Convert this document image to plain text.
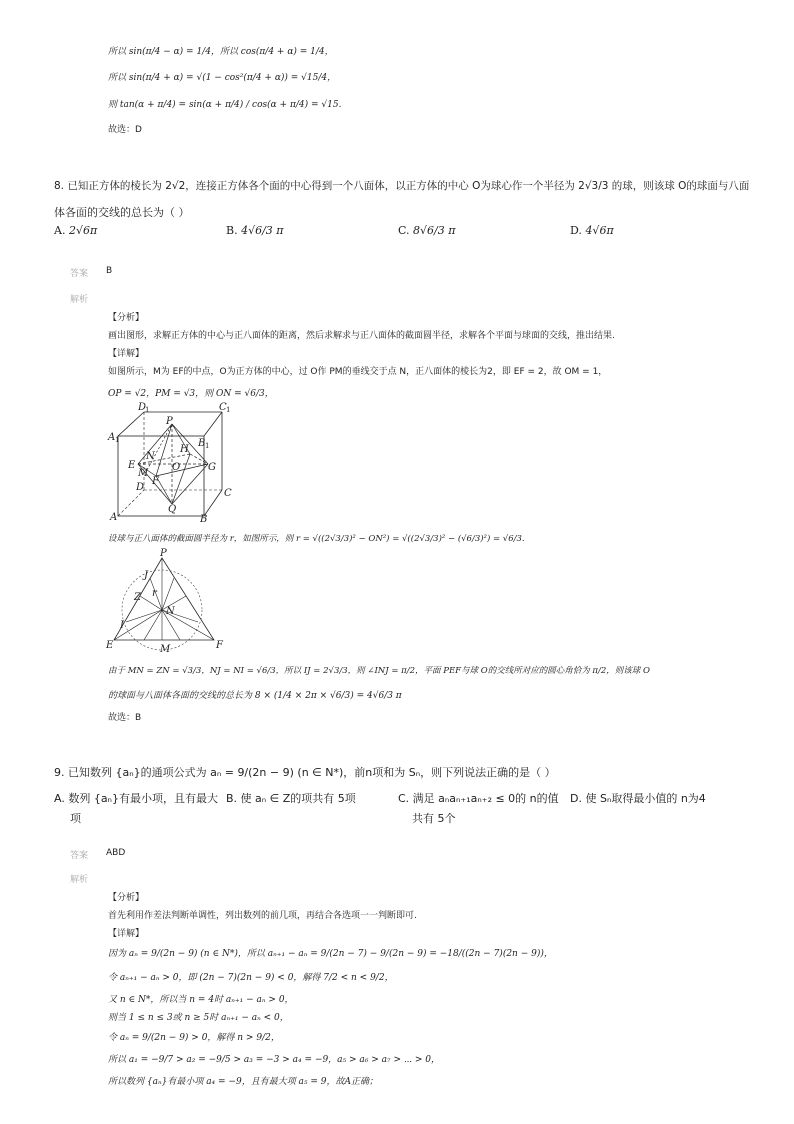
所以 sin(π/4 − α) = 1/4，所以 cos(π/4 + α) = 1/4，
所以 sin(π/4 + α) = √(1 − cos²(π/4 + α)) = √15/4，
则 tan(α + π/4) = sin(α + π/4) / cos(α + π/4) = √15.
故选：D
8. 已知正方体的棱长为 2√2，连接正方体各个面的中心得到一个八面体，以正方体的中心 O为球心作一个半径为 2√3/3 的球，则该球 O的球面与八面
体各面的交线的总长为（ ）
A. 2√6π	B. 4√6/3 π	C. 8√6/3 π	D. 4√6π
答案 B
解析
【分析】
画出图形，求解正方体的中心与正八面体的距离，然后求解求与正八面体的截面圆半径，求解各个平面与球面的交线，推出结果.
【详解】
如图所示，M为 EF的中点，O为正方体的中心，过 O作 PM的垂线交于点 N，正八面体的棱长为2，即 EF = 2，故 OM = 1，
OP = √2，PM = √3，则 ON = √6/3，
D
1	C 1
A 1	B 1
P
H
N
E
M
O	G
F
D
C
Q
A	B
设球与正八面体的截面圆半径为 r，如图所示，则 r = √((2√3/3)² − ON²) = √((2√3/3)² − (√6/3)²) = √6/3.
P
J
Z r
N
I
E	M	F
由于 MN = ZN = √3/3，NJ = NI = √6/3，所以 IJ = 2√3/3，则 ∠INJ = π/2，平面 PEF与球 O的交线所对应的圆心角恰为 π/2，则该球 O
的球面与八面体各面的交线的总长为 8 × (1/4 × 2π × √6/3) = 4√6/3 π
故选：B
9. 已知数列 {aₙ}的通项公式为 aₙ = 9/(2n − 9) (n ∈ N*)，前n项和为 Sₙ，则下列说法正确的是（ ）
A. 数列 {aₙ}有最小项，且有最大
项
B. 使 aₙ ∈ Z的项共有 5项	C. 满足 aₙaₙ₊₁aₙ₊₂ ≤ 0的 n的值
共有 5个
D. 使 Sₙ取得最小值的 n为4
答案 ABD
解析
【分析】
首先利用作差法判断单调性，列出数列的前几项，再结合各选项一一判断即可.
【详解】
因为 aₙ = 9/(2n − 9) (n ∈ N*)，所以 aₙ₊₁ − aₙ = 9/(2n − 7) − 9/(2n − 9) = −18/((2n − 7)(2n − 9))，
令 aₙ₊₁ − aₙ > 0，即 (2n − 7)(2n − 9) < 0，解得 7/2 < n < 9/2，
又 n ∈ N*，所以当 n = 4时 aₙ₊₁ − aₙ > 0，
则当 1 ≤ n ≤ 3或 n ≥ 5时 aₙ₊₁ − aₙ < 0，
令 aₙ = 9/(2n − 9) > 0，解得 n > 9/2，
所以 a₁ = −9/7 > a₂ = −9/5 > a₃ = −3 > a₄ = −9，a₅ > a₆ > a₇ > ⋯ > 0，
所以数列 {aₙ}有最小项 a₄ = −9，且有最大项 a₅ = 9，故A正确；
